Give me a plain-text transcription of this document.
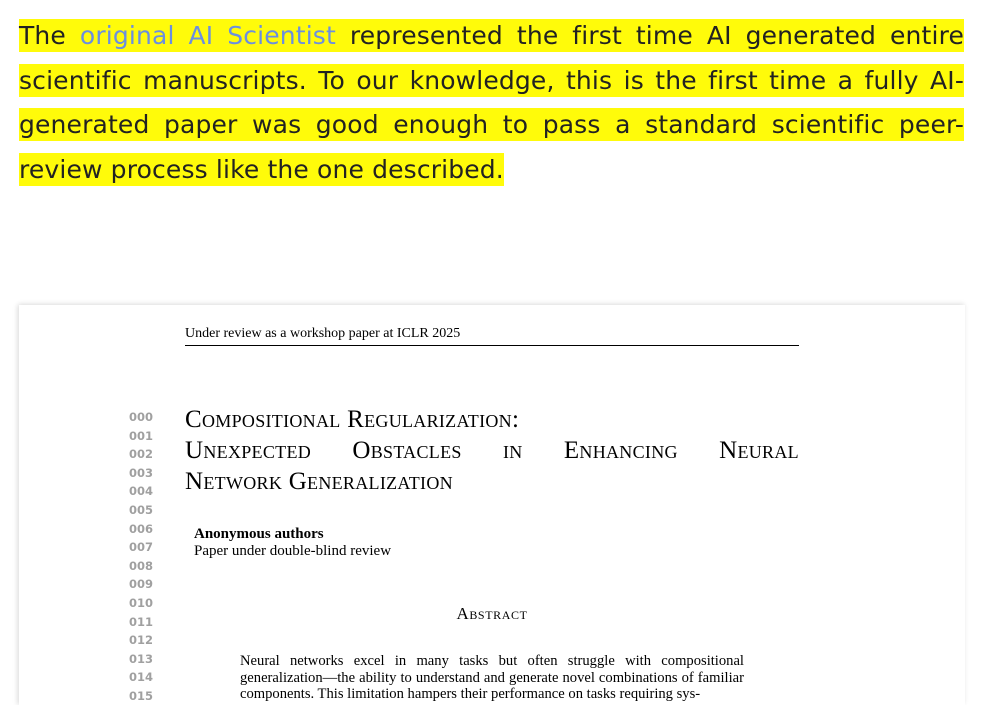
The original AI Scientist represented the first time AI generated entire scientific manuscripts. To our knowledge, this is the first time a fully AI-generated paper was good enough to pass a standard scientific peer-review process like the one described.
Under review as a workshop paper at ICLR 2025
000
001
002
003
004
005
006
007
008
009
010
011
012
013
014
015
Compositional Regularization:
Unexpected Obstacles in Enhancing Neural
Network Generalization
Anonymous authors
Paper under double-blind review
Abstract
Neural networks excel in many tasks but often struggle with compositional generalization—the ability to understand and generate novel combinations of familiar components. This limitation hampers their performance on tasks requiring sys-
